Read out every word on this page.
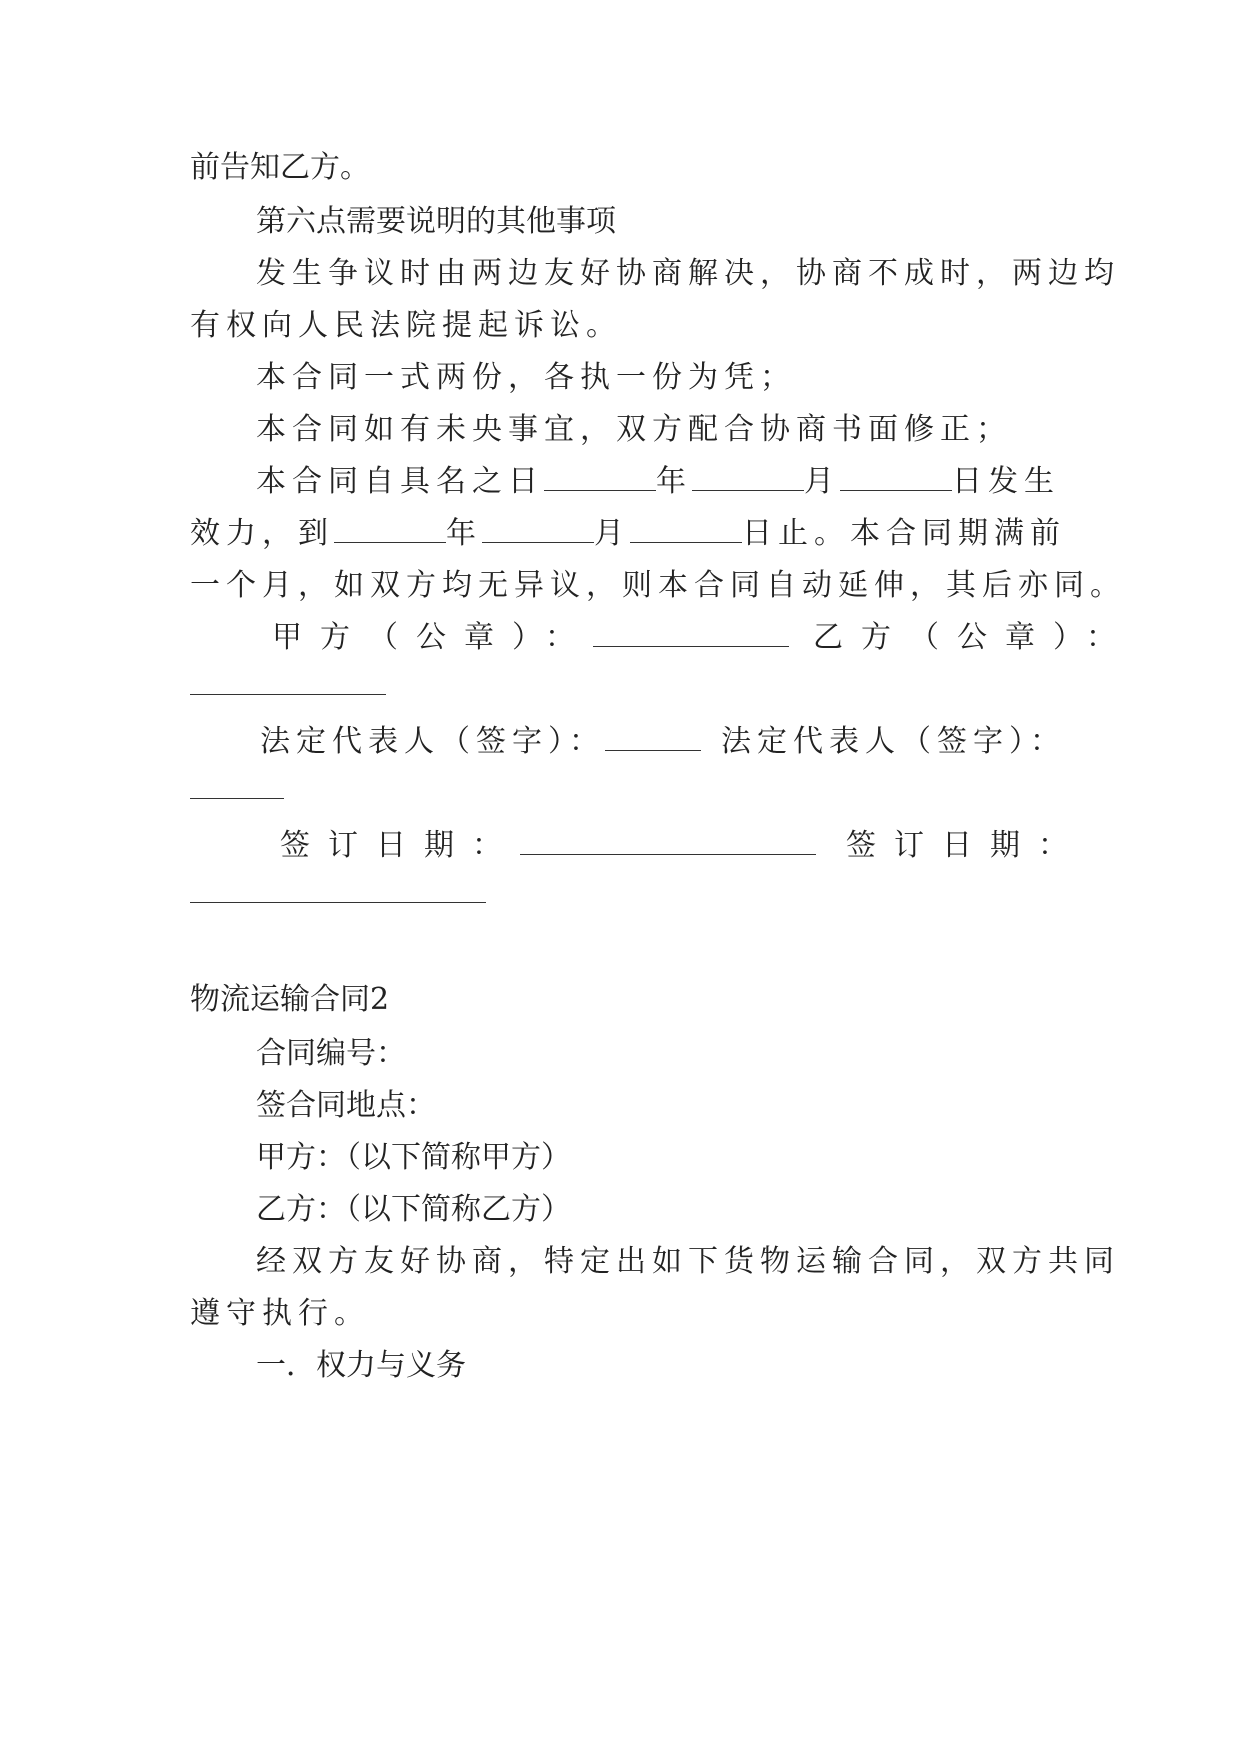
前告知乙方。
第六点需要说明的其他事项
发生争议时由两边友好协商解决，协商不成时，两边均
有权向人民法院提起诉讼。
本合同一式两份，各执一份为凭；
本合同如有未央事宜，双方配合协商书面修正；
本合同自具名之日	年	月	日发生
效力，到	年	月	日止。本合同期满前
一个月，如双方均无异议，则本合同自动延伸，其后亦同。
甲方（公章）：	乙方（公章）：
法定代表人（签字）：	法定代表人（签字）：
签订日期：	签订日期：
物流运输合同2
合同编号：
签合同地点：
甲方：（以下简称甲方）
乙方：（以下简称乙方）
经双方友好协商，特定出如下货物运输合同，双方共同
遵守执行。
一．权力与义务
